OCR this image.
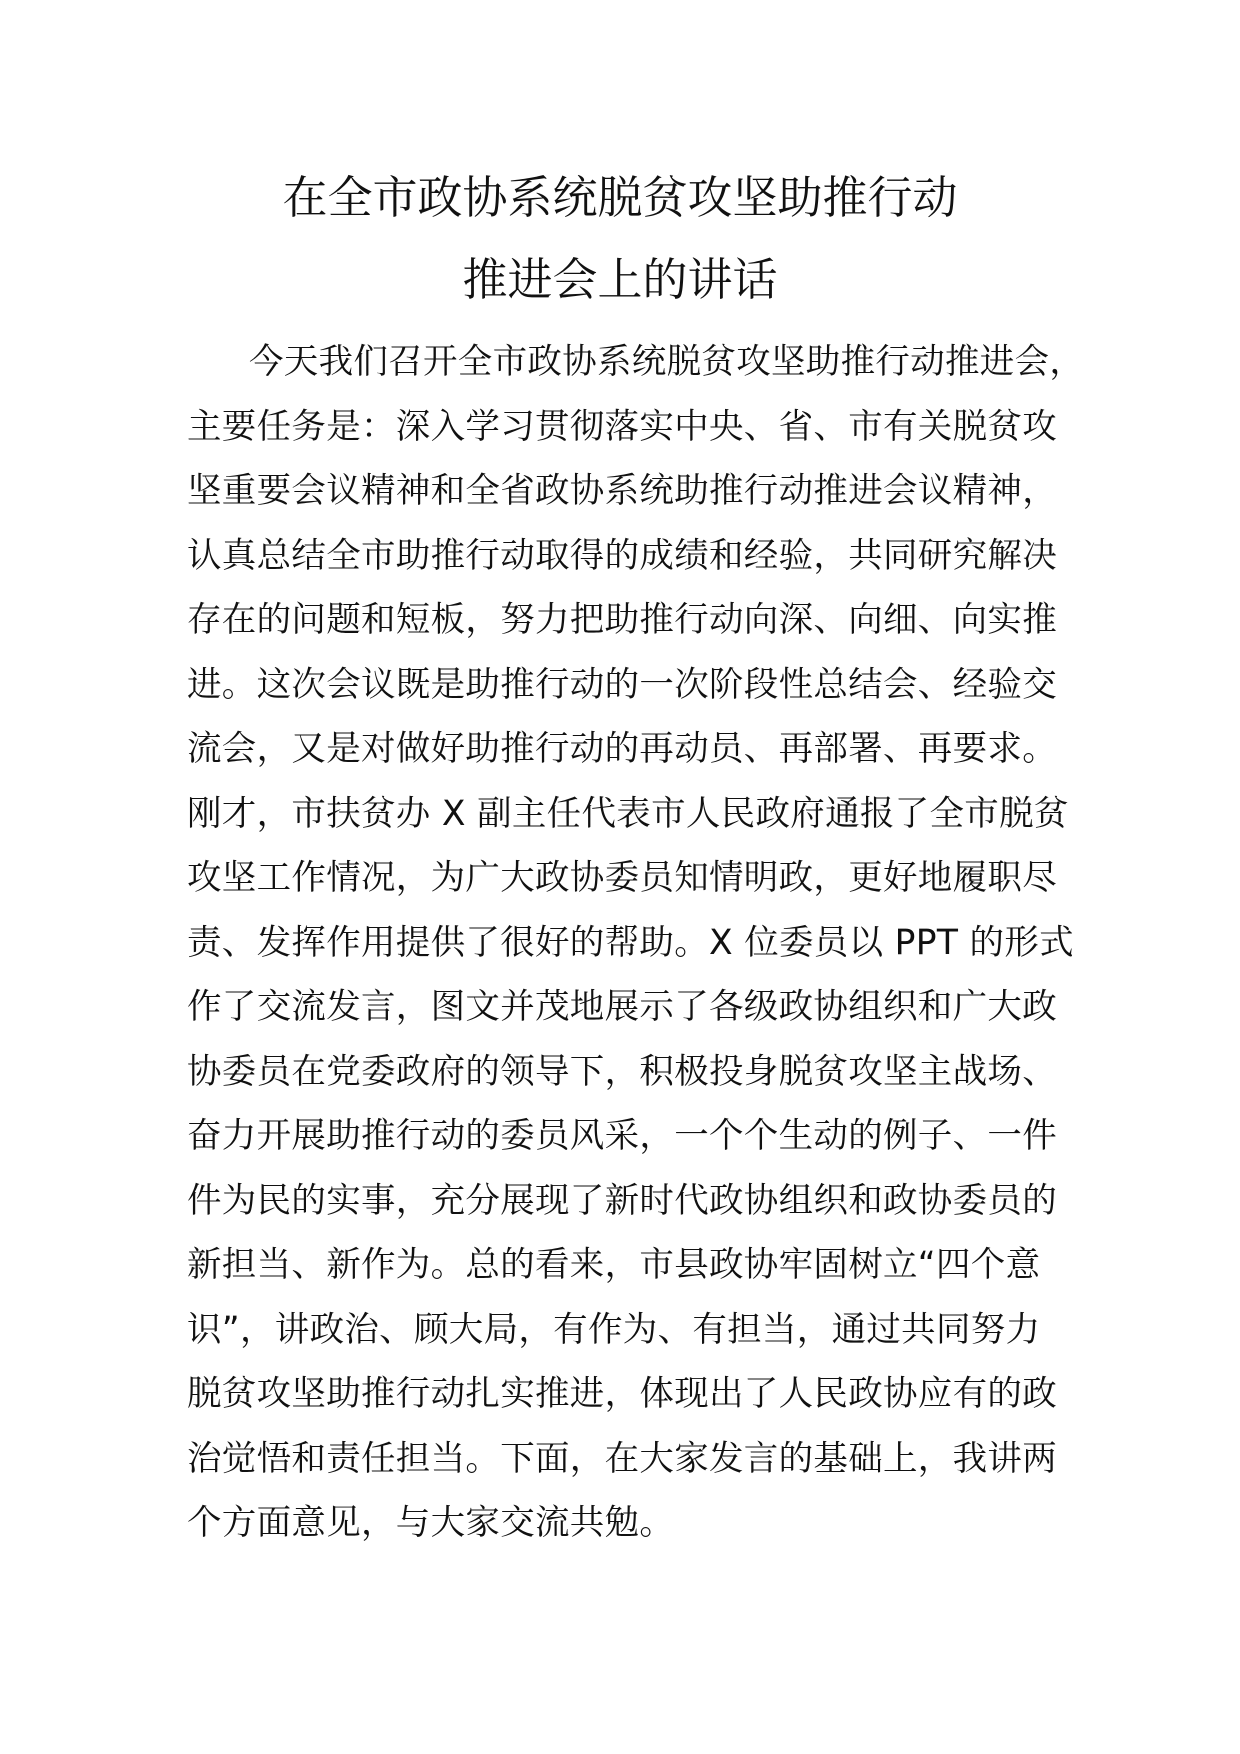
在全市政协系统脱贫攻坚助推行动
推进会上的讲话
今天我们召开全市政协系统脱贫攻坚助推行动推进会，
主要任务是：深入学习贯彻落实中央、省、市有关脱贫攻
坚重要会议精神和全省政协系统助推行动推进会议精神，
认真总结全市助推行动取得的成绩和经验，共同研究解决
存在的问题和短板，努力把助推行动向深、向细、向实推
进。这次会议既是助推行动的一次阶段性总结会、经验交
流会，又是对做好助推行动的再动员、再部署、再要求。
刚才，市扶贫办 X 副主任代表市人民政府通报了全市脱贫
攻坚工作情况，为广大政协委员知情明政，更好地履职尽
责、发挥作用提供了很好的帮助。X 位委员以 PPT 的形式
作了交流发言，图文并茂地展示了各级政协组织和广大政
协委员在党委政府的领导下，积极投身脱贫攻坚主战场、
奋力开展助推行动的委员风采，一个个生动的例子、一件
件为民的实事，充分展现了新时代政协组织和政协委员的
新担当、新作为。总的看来，市县政协牢固树立“四个意
识”，讲政治、顾大局，有作为、有担当，通过共同努力
脱贫攻坚助推行动扎实推进，体现出了人民政协应有的政
治觉悟和责任担当。下面，在大家发言的基础上，我讲两
个方面意见，与大家交流共勉。
